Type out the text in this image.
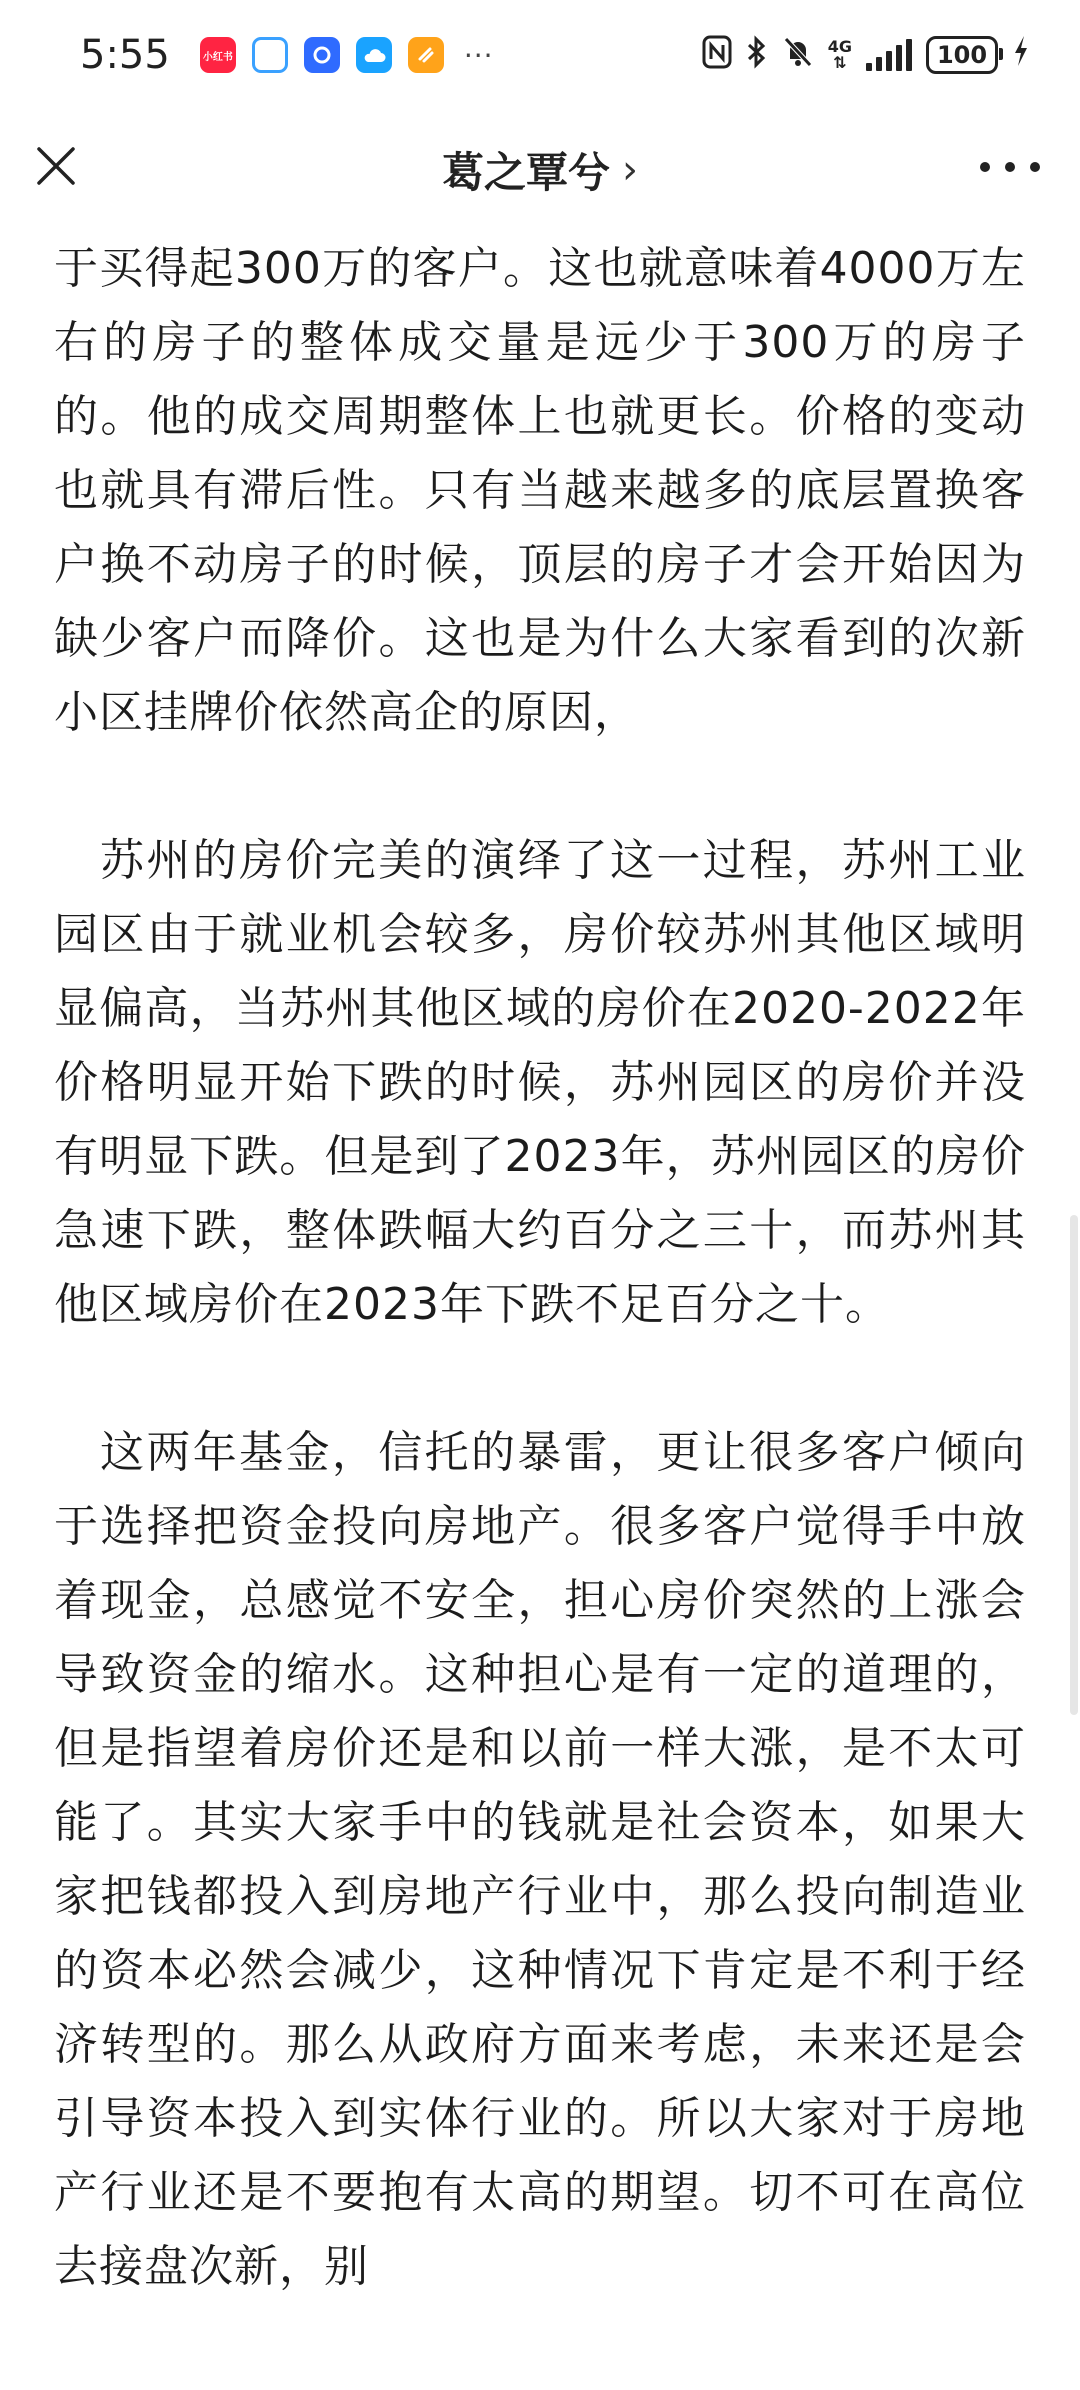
5:55	小红书	···	4G
⇅	100
葛之覃兮 ›

于买得起300万的客户。这也就意味着4000万左右的房子的整体成交量是远少于300万的房子的。他的成交周期整体上也就更长。价格的变动也就具有滞后性。只有当越来越多的底层置换客户换不动房子的时候，顶层的房子才会开始因为缺少客户而降价。这也是为什么大家看到的次新小区挂牌价依然高企的原因，

苏州的房价完美的演绎了这一过程，苏州工业园区由于就业机会较多，房价较苏州其他区域明显偏高，当苏州其他区域的房价在2020-2022年价格明显开始下跌的时候，苏州园区的房价并没有明显下跌。但是到了2023年，苏州园区的房价急速下跌，整体跌幅大约百分之三十，而苏州其他区域房价在2023年下跌不足百分之十。

这两年基金，信托的暴雷，更让很多客户倾向于选择把资金投向房地产。很多客户觉得手中放着现金，总感觉不安全，担心房价突然的上涨会导致资金的缩水。这种担心是有一定的道理的，但是指望着房价还是和以前一样大涨，是不太可能了。其实大家手中的钱就是社会资本，如果大家把钱都投入到房地产行业中，那么投向制造业的资本必然会减少，这种情况下肯定是不利于经济转型的。那么从政府方面来考虑，未来还是会引导资本投入到实体行业的。所以大家对于房地产行业还是不要抱有太高的期望。切不可在高位去接盘次新，别
